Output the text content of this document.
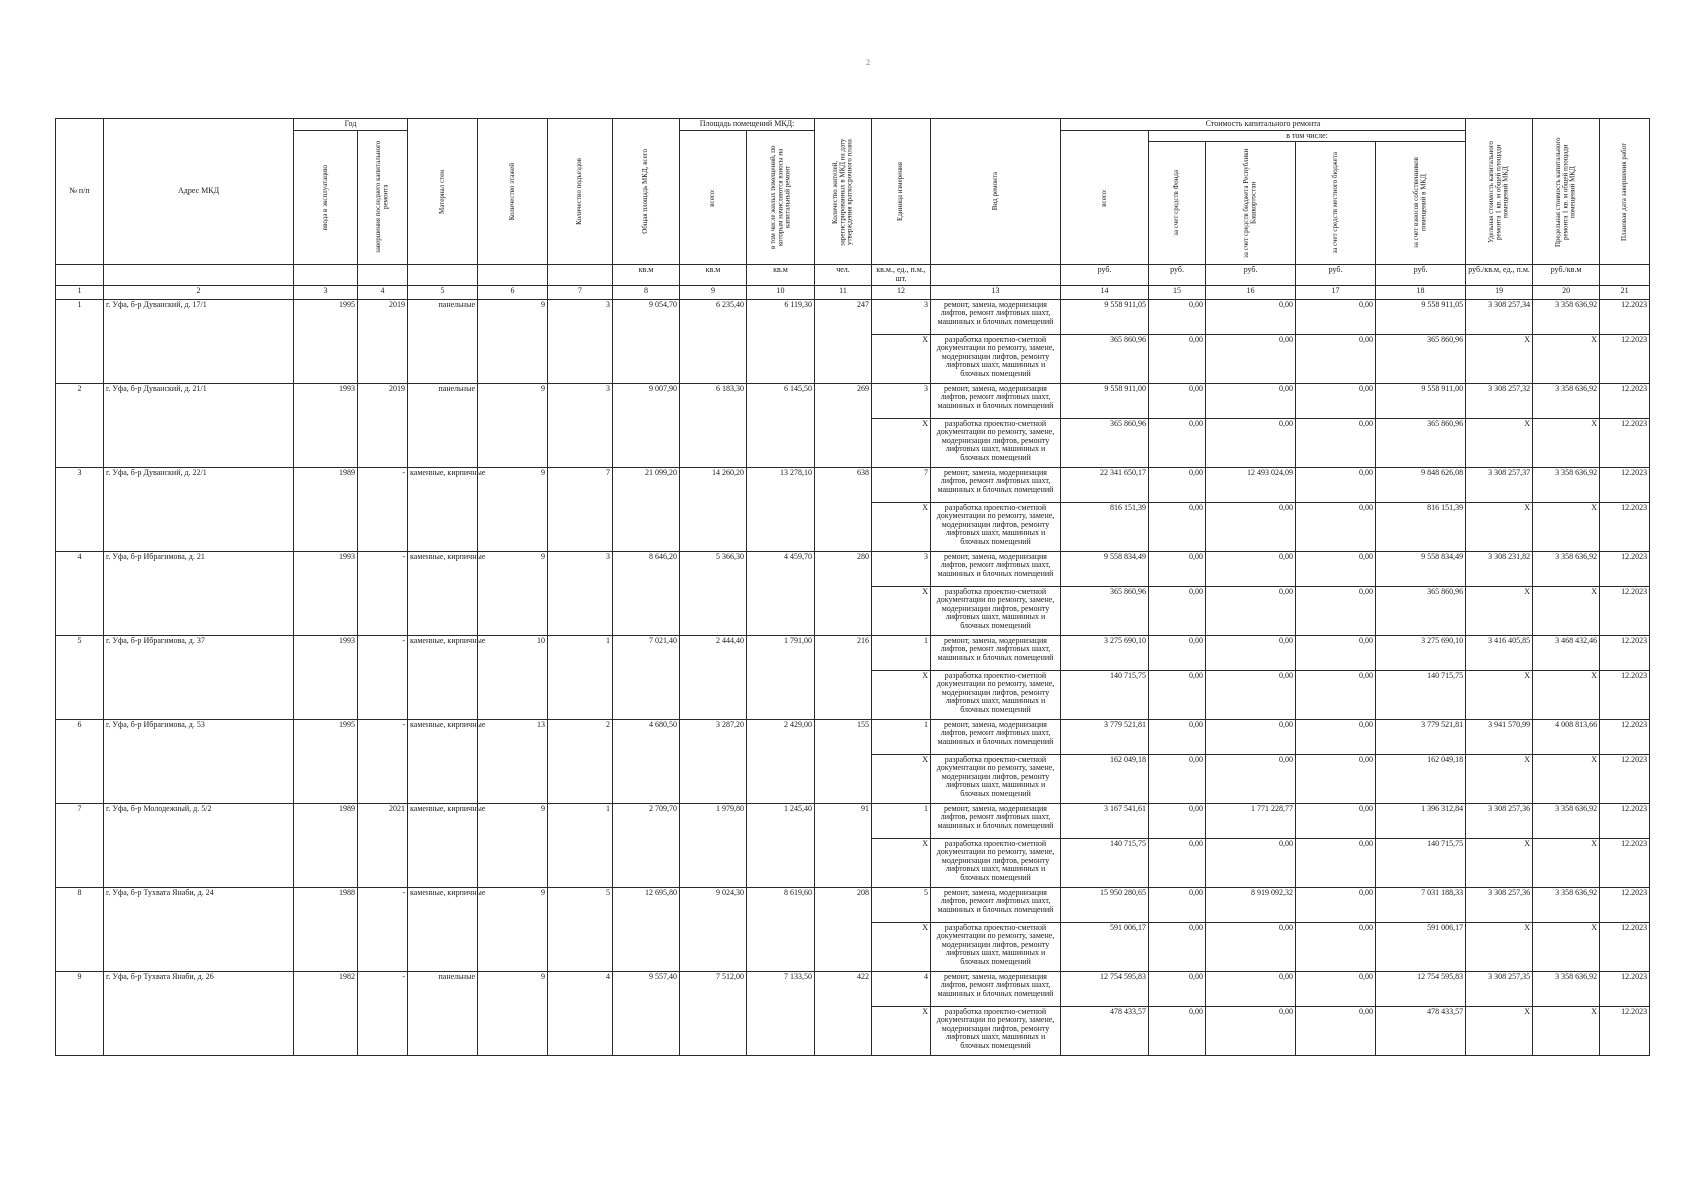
2
№ п/п	Адрес МКД	Год		Материал стен	Количество этажей	Количество подъездов	Общая площадь МКД, всего	Площадь помещений МКД:		Количество жителей, зарегистрированных в МКД на дату утверждения краткосрочного плана	Единица измерения	Вид ремонта	Стоимость капитального ремонта					Удельная стоимость капитального ремонта 1 кв. м общей площади помещений МКД	Предельная стоимость капитального ремонта 1 кв. м общей площади помещений МКД	Плановая дата завершения работ

		ввода в эксплуатацию	завершения последнего капитального ремонта					всего:	в том числе жилых помещений, по которым начисляются взносы на капитальный ремонт				всего:	в том числе:						

														за счет средств Фонда	за счет средств бюджета Республики Башкортостан	за счет средств местного бюджета	за счет взносов собственников помещений в МКД			

							кв.м	кв.м	кв.м	чел.	кв.м., ед., п.м., шт.		руб.	руб.	руб.	руб.	руб.	руб./кв.м, ед., п.м.	руб./кв.м	
1	2	3	4	5	6	7	8	9	10	11	12	13	14	15	16	17	18	19	20	21
1	г. Уфа, б-р Дуванский, д. 17/1	1995	2019	панельные	9	3	9 054,70	6 235,40	6 119,30	247	3	ремонт, замена, модернизация лифтов, ремонт лифтовых шахт, машинных и блочных помещений	9 558 911,05	0,00	0,00	0,00	9 558 911,05	3 308 257,34	3 358 636,92	12.2023
											X	разработка проектно-сметной документации по ремонту, замене, модернизации лифтов, ремонту лифтовых шахт, машинных и блочных помещений	365 860,96	0,00	0,00	0,00	365 860,96	X	X	12.2023
2	г. Уфа, б-р Дуванский, д. 21/1	1993	2019	панельные	9	3	9 007,90	6 183,30	6 145,50	269	3	ремонт, замена, модернизация лифтов, ремонт лифтовых шахт, машинных и блочных помещений	9 558 911,00	0,00	0,00	0,00	9 558 911,00	3 308 257,32	3 358 636,92	12.2023
											X	разработка проектно-сметной документации по ремонту, замене, модернизации лифтов, ремонту лифтовых шахт, машинных и блочных помещений	365 860,96	0,00	0,00	0,00	365 860,96	X	X	12.2023
3	г. Уфа, б-р Дуванский, д. 22/1	1989	-	каменные, кирпичные	9	7	21 099,20	14 260,20	13 278,10	638	7	ремонт, замена, модернизация лифтов, ремонт лифтовых шахт, машинных и блочных помещений	22 341 650,17	0,00	12 493 024,09	0,00	9 848 626,08	3 308 257,37	3 358 636,92	12.2023
											X	разработка проектно-сметной документации по ремонту, замене, модернизации лифтов, ремонту лифтовых шахт, машинных и блочных помещений	816 151,39	0,00	0,00	0,00	816 151,39	X	X	12.2023
4	г. Уфа, б-р Ибрагимова, д. 21	1993	-	каменные, кирпичные	9	3	8 646,20	5 366,30	4 459,70	280	3	ремонт, замена, модернизация лифтов, ремонт лифтовых шахт, машинных и блочных помещений	9 558 834,49	0,00	0,00	0,00	9 558 834,49	3 308 231,82	3 358 636,92	12.2023
											X	разработка проектно-сметной документации по ремонту, замене, модернизации лифтов, ремонту лифтовых шахт, машинных и блочных помещений	365 860,96	0,00	0,00	0,00	365 860,96	X	X	12.2023
5	г. Уфа, б-р Ибрагимова, д. 37	1993	-	каменные, кирпичные	10	1	7 021,40	2 444,40	1 791,00	216	1	ремонт, замена, модернизация лифтов, ремонт лифтовых шахт, машинных и блочных помещений	3 275 690,10	0,00	0,00	0,00	3 275 690,10	3 416 405,85	3 468 432,46	12.2023
											X	разработка проектно-сметной документации по ремонту, замене, модернизации лифтов, ремонту лифтовых шахт, машинных и блочных помещений	140 715,75	0,00	0,00	0,00	140 715,75	X	X	12.2023
6	г. Уфа, б-р Ибрагимова, д. 53	1995	-	каменные, кирпичные	13	2	4 680,50	3 287,20	2 429,00	155	1	ремонт, замена, модернизация лифтов, ремонт лифтовых шахт, машинных и блочных помещений	3 779 521,81	0,00	0,00	0,00	3 779 521,81	3 941 570,99	4 008 813,66	12.2023
											X	разработка проектно-сметной документации по ремонту, замене, модернизации лифтов, ремонту лифтовых шахт, машинных и блочных помещений	162 049,18	0,00	0,00	0,00	162 049,18	X	X	12.2023
7	г. Уфа, б-р Молодежный, д. 5/2	1989	2021	каменные, кирпичные	9	1	2 709,70	1 979,80	1 245,40	91	1	ремонт, замена, модернизация лифтов, ремонт лифтовых шахт, машинных и блочных помещений	3 167 541,61	0,00	1 771 228,77	0,00	1 396 312,84	3 308 257,36	3 358 636,92	12.2023
											X	разработка проектно-сметной документации по ремонту, замене, модернизации лифтов, ремонту лифтовых шахт, машинных и блочных помещений	140 715,75	0,00	0,00	0,00	140 715,75	X	X	12.2023
8	г. Уфа, б-р Тухвата Янаби, д. 24	1988	-	каменные, кирпичные	9	5	12 695,80	9 024,30	8 619,60	208	5	ремонт, замена, модернизация лифтов, ремонт лифтовых шахт, машинных и блочных помещений	15 950 280,65	0,00	8 919 092,32	0,00	7 031 188,33	3 308 257,36	3 358 636,92	12.2023
											X	разработка проектно-сметной документации по ремонту, замене, модернизации лифтов, ремонту лифтовых шахт, машинных и блочных помещений	591 006,17	0,00	0,00	0,00	591 006,17	X	X	12.2023
9	г. Уфа, б-р Тухвата Янаби, д. 26	1982	-	панельные	9	4	9 557,40	7 512,00	7 133,50	422	4	ремонт, замена, модернизация лифтов, ремонт лифтовых шахт, машинных и блочных помещений	12 754 595,83	0,00	0,00	0,00	12 754 595,83	3 308 257,35	3 358 636,92	12.2023
											X	разработка проектно-сметной документации по ремонту, замене, модернизации лифтов, ремонту лифтовых шахт, машинных и блочных помещений	478 433,57	0,00	0,00	0,00	478 433,57	X	X	12.2023
